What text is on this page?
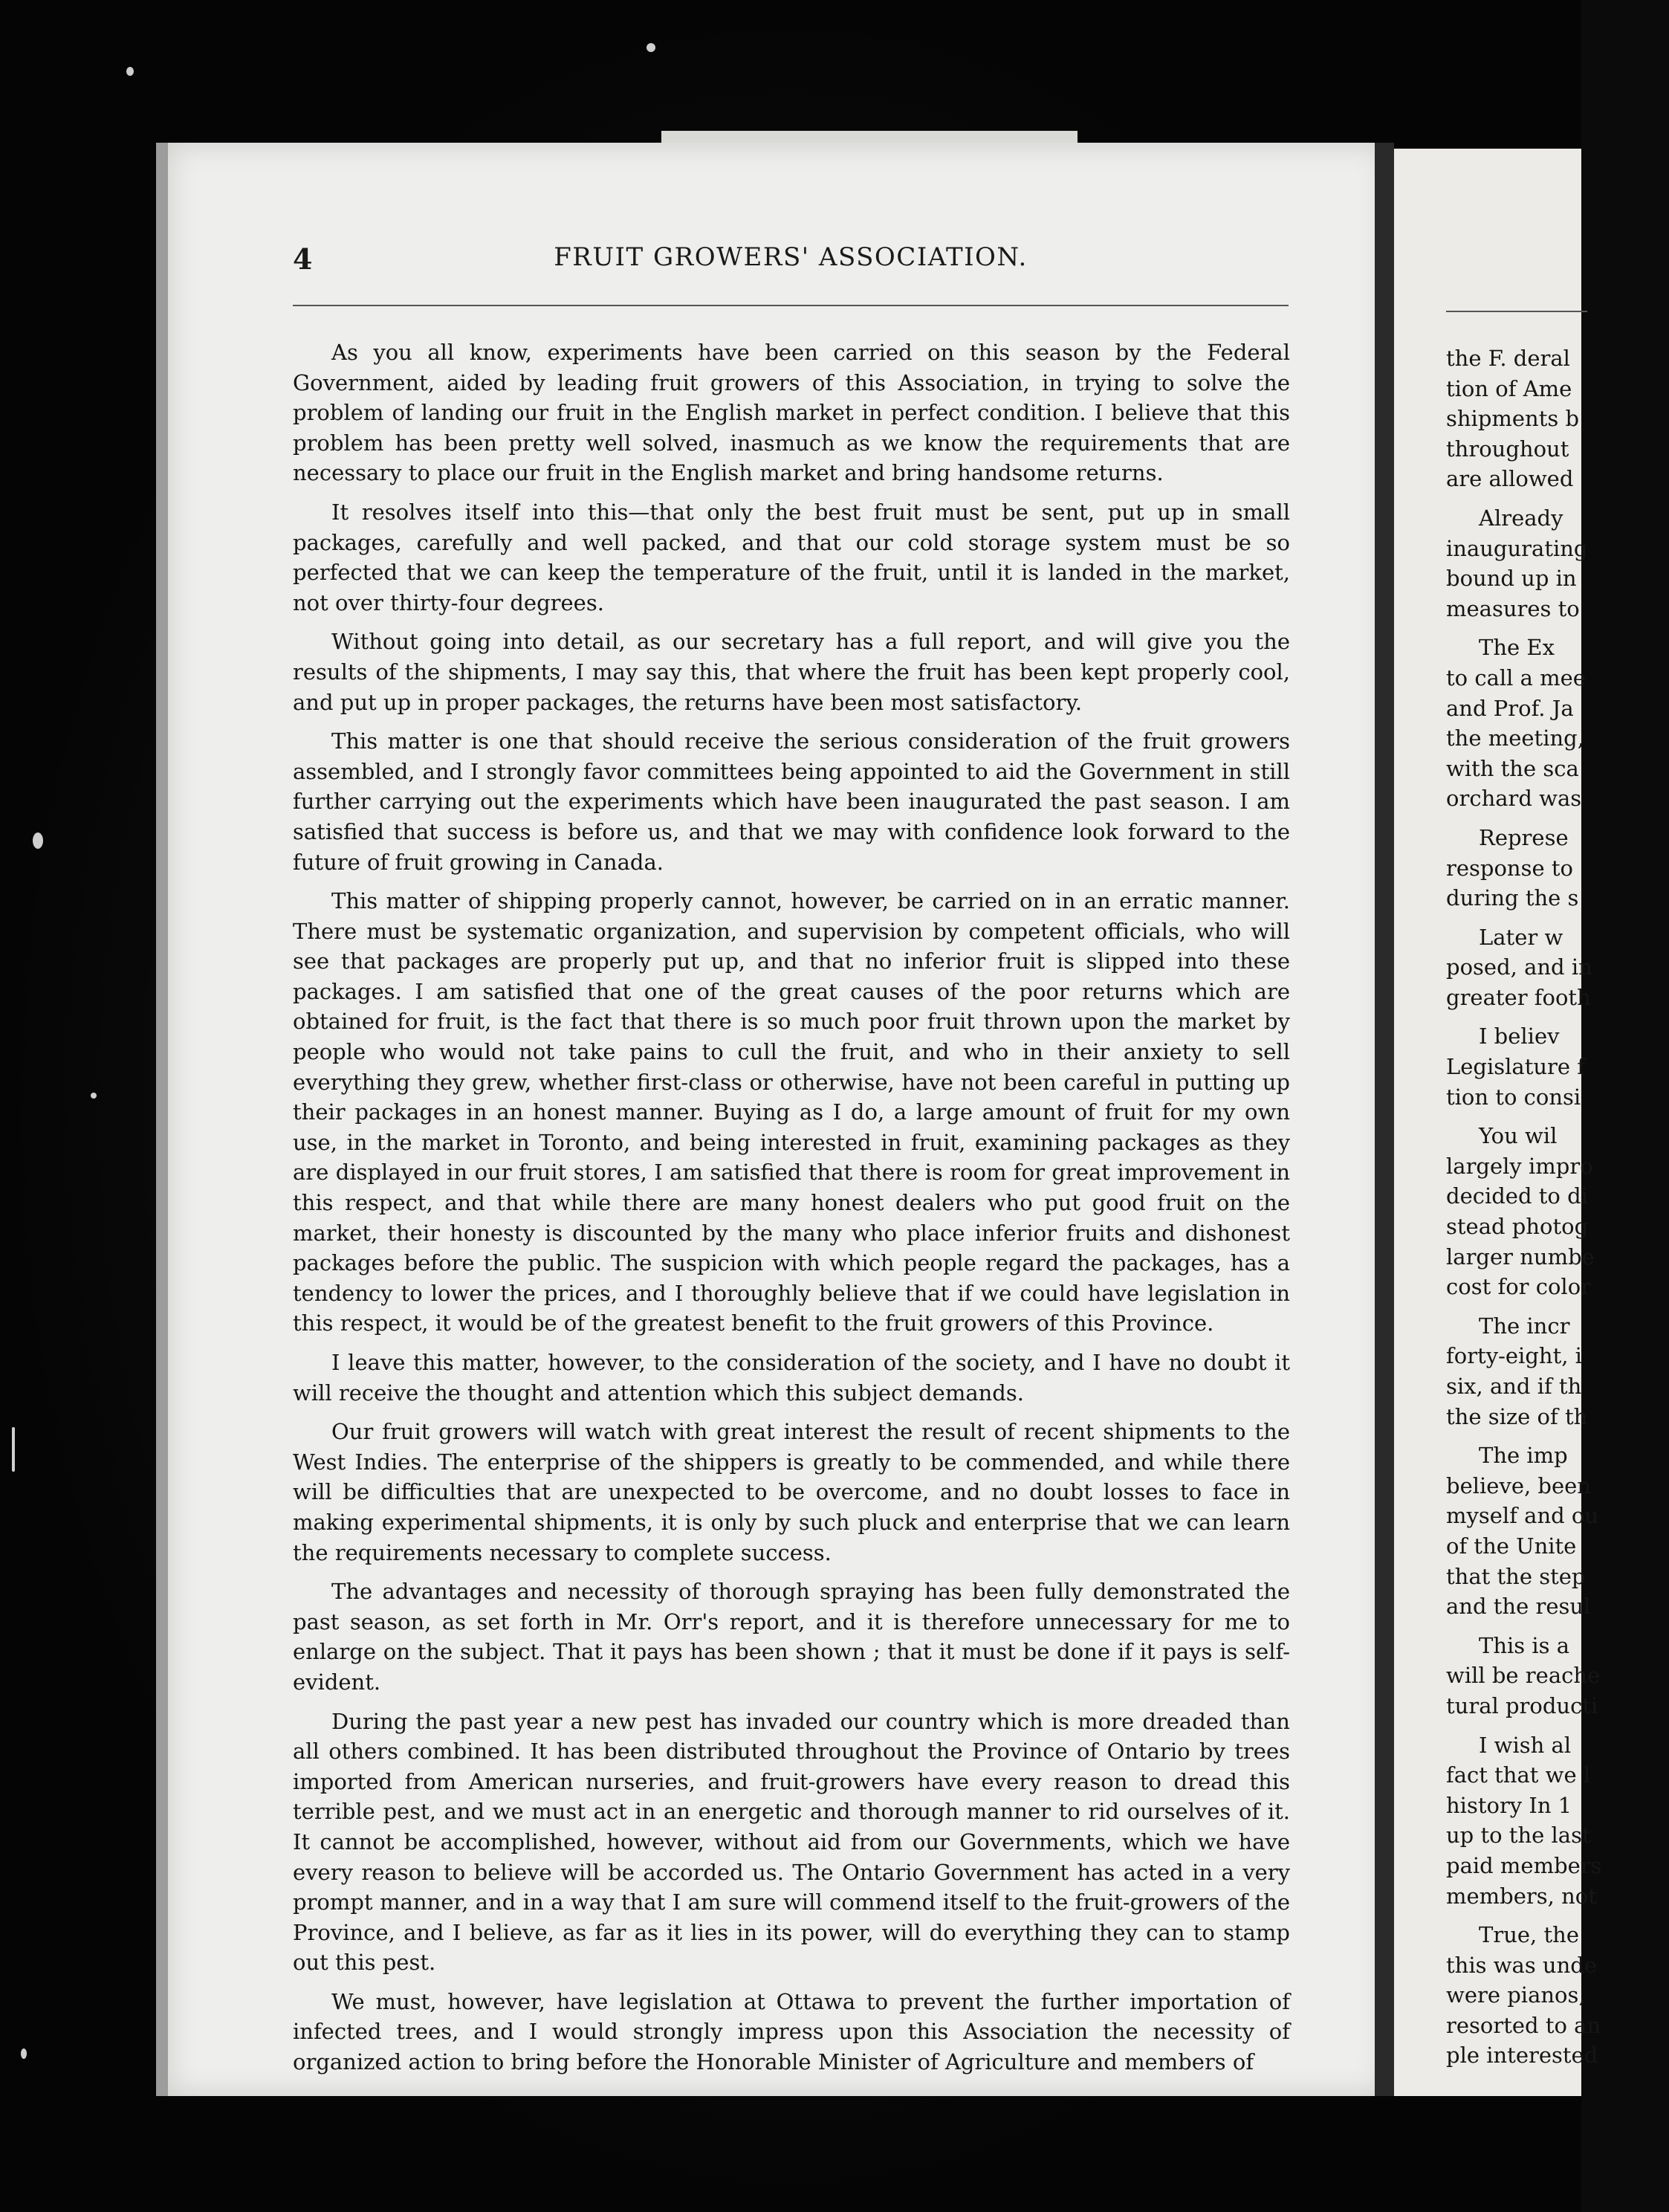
4	FRUIT GROWERS' ASSOCIATION.

As you all know, experiments have been carried on this season by the Federal Government, aided by leading fruit growers of this Association, in trying to solve the problem of landing our fruit in the English market in perfect condition. I believe that this problem has been pretty well solved, inasmuch as we know the requirements that are necessary to place our fruit in the English market and bring handsome returns.

It resolves itself into this—that only the best fruit must be sent, put up in small packages, carefully and well packed, and that our cold storage system must be so perfected that we can keep the temperature of the fruit, until it is landed in the market, not over thirty-four degrees.

Without going into detail, as our secretary has a full report, and will give you the results of the shipments, I may say this, that where the fruit has been kept properly cool, and put up in proper packages, the returns have been most satisfactory.

This matter is one that should receive the serious consideration of the fruit growers assembled, and I strongly favor committees being appointed to aid the Government in still further carrying out the experiments which have been inaugurated the past season. I am satisfied that success is before us, and that we may with confidence look forward to the future of fruit growing in Canada.

This matter of shipping properly cannot, however, be carried on in an erratic manner. There must be systematic organization, and supervision by competent officials, who will see that packages are properly put up, and that no inferior fruit is slipped into these packages. I am satisfied that one of the great causes of the poor returns which are obtained for fruit, is the fact that there is so much poor fruit thrown upon the market by people who would not take pains to cull the fruit, and who in their anxiety to sell everything they grew, whether first-class or otherwise, have not been careful in putting up their packages in an honest manner. Buying as I do, a large amount of fruit for my own use, in the market in Toronto, and being interested in fruit, examining packages as they are displayed in our fruit stores, I am satisfied that there is room for great improvement in this respect, and that while there are many honest dealers who put good fruit on the market, their honesty is discounted by the many who place inferior fruits and dishonest packages before the public. The suspicion with which people regard the packages, has a tendency to lower the prices, and I thoroughly believe that if we could have legislation in this respect, it would be of the greatest benefit to the fruit growers of this Province.

I leave this matter, however, to the consideration of the society, and I have no doubt it will receive the thought and attention which this subject demands.

Our fruit growers will watch with great interest the result of recent shipments to the West Indies. The enterprise of the shippers is greatly to be commended, and while there will be difficulties that are unexpected to be overcome, and no doubt losses to face in making experimental shipments, it is only by such pluck and enterprise that we can learn the requirements necessary to complete success.

The advantages and necessity of thorough spraying has been fully demonstrated the past season, as set forth in Mr. Orr's report, and it is therefore unnecessary for me to enlarge on the subject. That it pays has been shown ; that it must be done if it pays is self-evident.

During the past year a new pest has invaded our country which is more dreaded than all others combined. It has been distributed throughout the Province of Ontario by trees imported from American nurseries, and fruit-growers have every reason to dread this terrible pest, and we must act in an energetic and thorough manner to rid ourselves of it. It cannot be accomplished, however, without aid from our Governments, which we have every reason to believe will be accorded us. The Ontario Government has acted in a very prompt manner, and in a way that I am sure will commend itself to the fruit-growers of the Province, and I believe, as far as it lies in its power, will do everything they can to stamp out this pest.

We must, however, have legislation at Ottawa to prevent the further importation of infected trees, and I would strongly impress upon this Association the necessity of organized action to bring before the Honorable Minister of Agriculture and members of

the F. deral
tion of Ame
shipments b
throughout
are allowed
Already
inaugurating
bound up in
measures to
The Ex
to call a mee
and Prof. Ja
the meeting,
with the sca
orchard was
Represe
response to
during the s
Later w
posed, and in
greater footh
I believ
Legislature f
tion to consi
You wil
largely impro
decided to di
stead photog
larger numbe
cost for color
The incr
forty-eight, i
six, and if th
the size of th
The imp
believe, been
myself and ou
of the Unite
that the step
and the resul
This is a
will be reache
tural producti
I wish al
fact that we l
history In 1
up to the last
paid members
members, not
True, the
this was unde
were pianos,
resorted to an
ple interested
